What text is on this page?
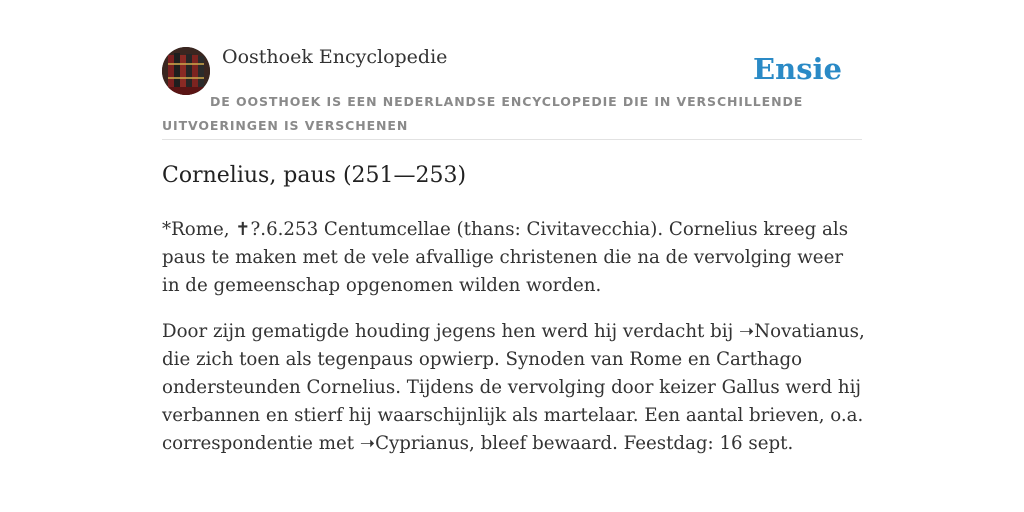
Oosthoek Encyclopedie	Ensie
DE OOSTHOEK IS EEN NEDERLANDSE ENCYCLOPEDIE DIE IN VERSCHILLENDE UITVOERINGEN IS VERSCHENEN
Cornelius, paus (251—253)

*Rome, ✝?.6.253 Centumcellae (thans: Civitavecchia). Cornelius kreeg als paus te maken met de vele afvallige christenen die na de vervolging weer in de gemeenschap opgenomen wilden worden.

Door zijn gematigde houding jegens hen werd hij verdacht bij ➝Novatianus, die zich toen als tegenpaus opwierp. Synoden van Rome en Carthago ondersteunden Cornelius. Tijdens de vervolging door keizer Gallus werd hij verbannen en stierf hij waarschijnlijk als martelaar. Een aantal brieven, o.a. correspondentie met ➝Cyprianus, bleef bewaard. Feestdag: 16 sept.
